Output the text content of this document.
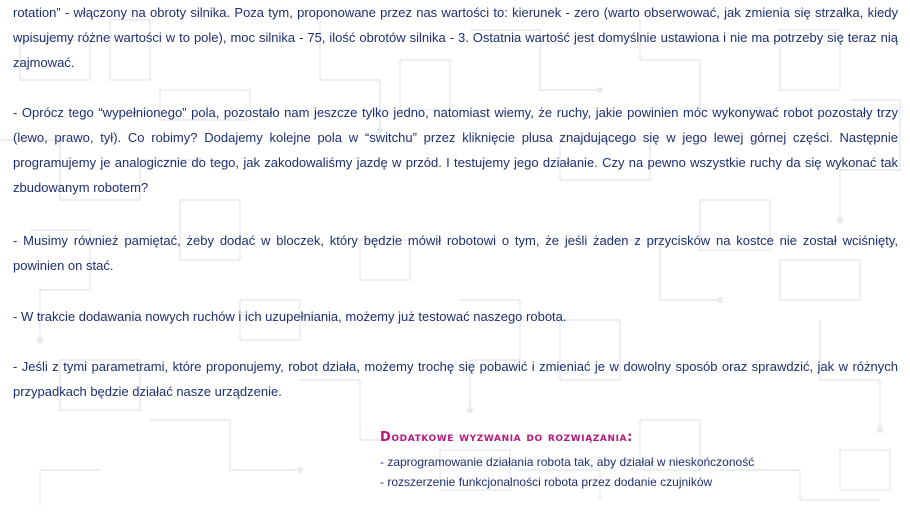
rotation” - włączony na obroty silnika. Poza tym, proponowane przez nas wartości to: kierunek - zero (warto obserwować, jak zmienia się strzałka, kiedy wpisujemy różne wartości w to pole), moc silnika - 75, ilość obrotów silnika - 3. Ostatnia wartość jest domyślnie ustawiona i nie ma potrzeby się teraz nią zajmować.

- Oprócz tego “wypełnionego” pola, pozostało nam jeszcze tylko jedno, natomiast wiemy, że ruchy, jakie powinien móc wykonywać robot pozostały trzy (lewo, prawo, tył). Co robimy? Dodajemy kolejne pola w “switchu” przez kliknięcie plusa znajdującego się w jego lewej górnej części. Następnie programujemy je analogicznie do tego, jak zakodowaliśmy jazdę w przód. I testujemy jego działanie. Czy na pewno wszystkie ruchy da się wykonać tak zbudowanym robotem?

- Musimy również pamiętać, żeby dodać w bloczek, który będzie mówił robotowi o tym, że jeśli żaden z przycisków na kostce nie został wciśnięty, powinien on stać.

- W trakcie dodawania nowych ruchów i ich uzupełniania, możemy już testować naszego robota.

- Jeśli z tymi parametrami, które proponujemy, robot działa, możemy trochę się pobawić i zmieniać je w dowolny sposób oraz sprawdzić, jak w różnych przypadkach będzie działać nasze urządzenie.

Dodatkowe wyzwania do rozwiązania:
- zaprogramowanie działania robota tak, aby działał w nieskończoność
- rozszerzenie funkcjonalności robota przez dodanie czujników
